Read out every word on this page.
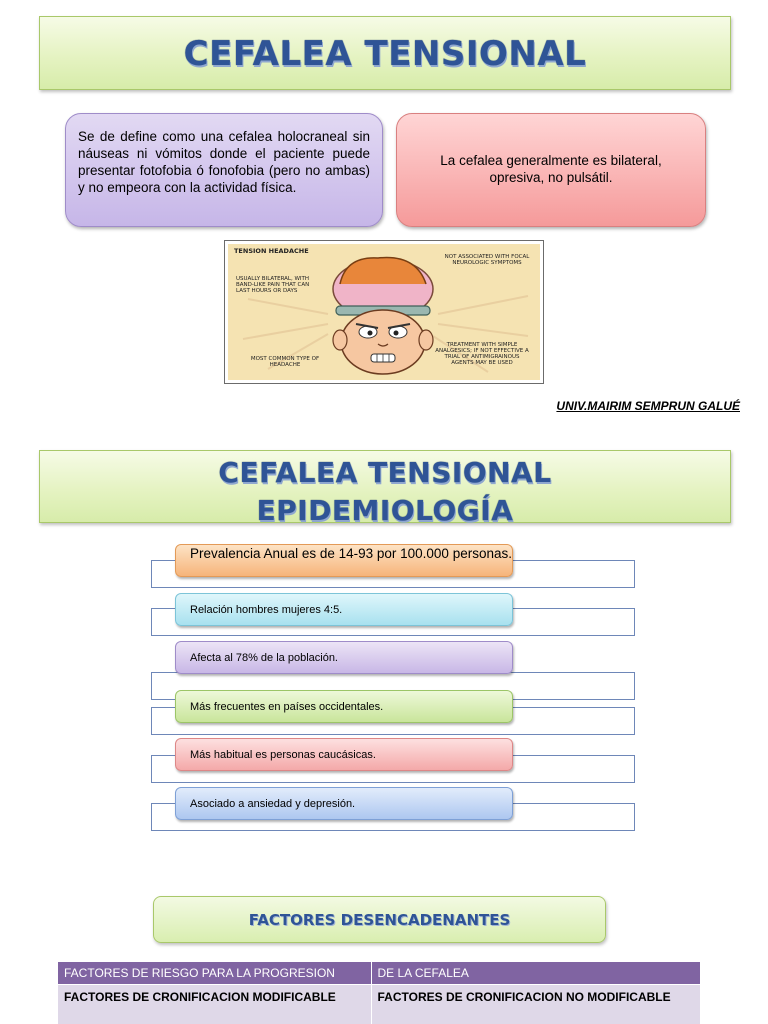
CEFALEA TENSIONAL
Se de define como una cefalea holocraneal sin náuseas ni vómitos donde el paciente puede presentar fotofobia ó fonofobia (pero no ambas) y no empeora con la actividad física.
La cefalea generalmente es bilateral, opresiva, no pulsátil.
TENSION HEADACHE
USUALLY BILATERAL, WITH BAND-LIKE PAIN THAT CAN LAST HOURS OR DAYS
NOT ASSOCIATED WITH FOCAL NEUROLOGIC SYMPTOMS
MOST COMMON TYPE OF HEADACHE
TREATMENT WITH SIMPLE ANALGESICS; IF NOT EFFECTIVE A TRIAL OF ANTIMIGRAINOUS AGENTS MAY BE USED
UNIV.MAIRIM SEMPRUN GALUÉ
CEFALEA TENSIONAL
EPIDEMIOLOGÍA
Prevalencia Anual es de 14-93 por 100.000 personas.
Relación hombres mujeres 4:5.
Afecta al 78% de la población.
Más frecuentes en países occidentales.
Más habitual es personas caucásicas.
Asociado a ansiedad y depresión.
FACTORES DESENCADENANTES
FACTORES DE RIESGO PARA LA PROGRESION	DE LA CEFALEA
FACTORES DE CRONIFICACION MODIFICABLE	FACTORES DE CRONIFICACION NO MODIFICABLE
